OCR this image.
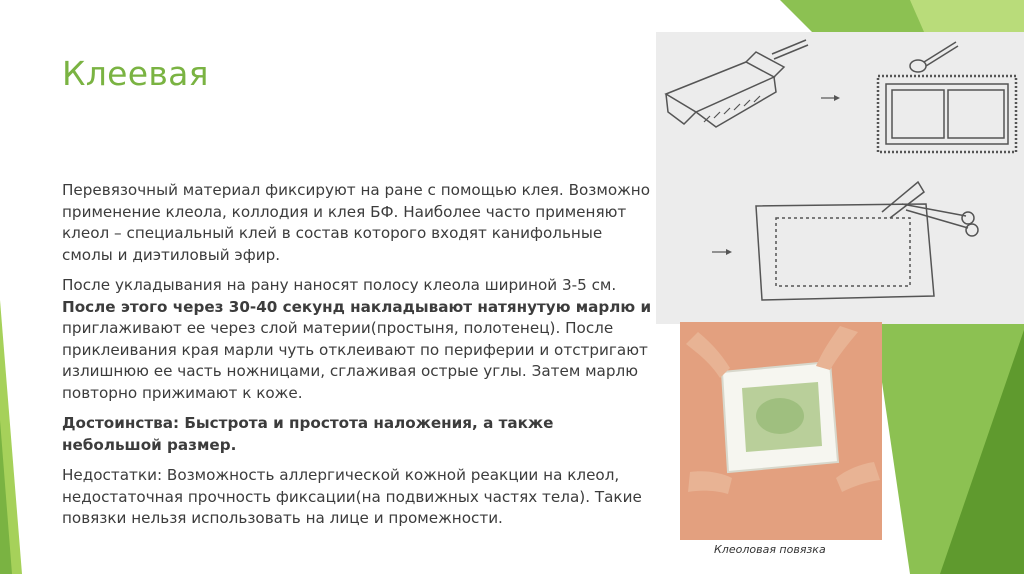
Клеевая

Перевязочный материал фиксируют на ране с помощью клея. Возможно применение клеола, коллодия и клея БФ. Наиболее часто применяют клеол – специальный клей в состав которого входят канифольные смолы и диэтиловый эфир.

После укладывания на рану наносят полосу клеола шириной 3-5 см. После этого через 30-40 секунд накладывают натянутую марлю и приглаживают ее через слой материи(простыня, полотенец). После приклеивания края марли чуть отклеивают по периферии и отстригают излишнюю ее часть ножницами, сглаживая острые углы. Затем марлю повторно прижимают к коже.

Достоинства: Быстрота и простота наложения, а также небольшой размер.

Недостатки: Возможность аллергической кожной реакции на клеол, недостаточная прочность фиксации(на подвижных частях тела). Такие повязки нельзя использовать на лице и промежности.

Клеоловая повязка
